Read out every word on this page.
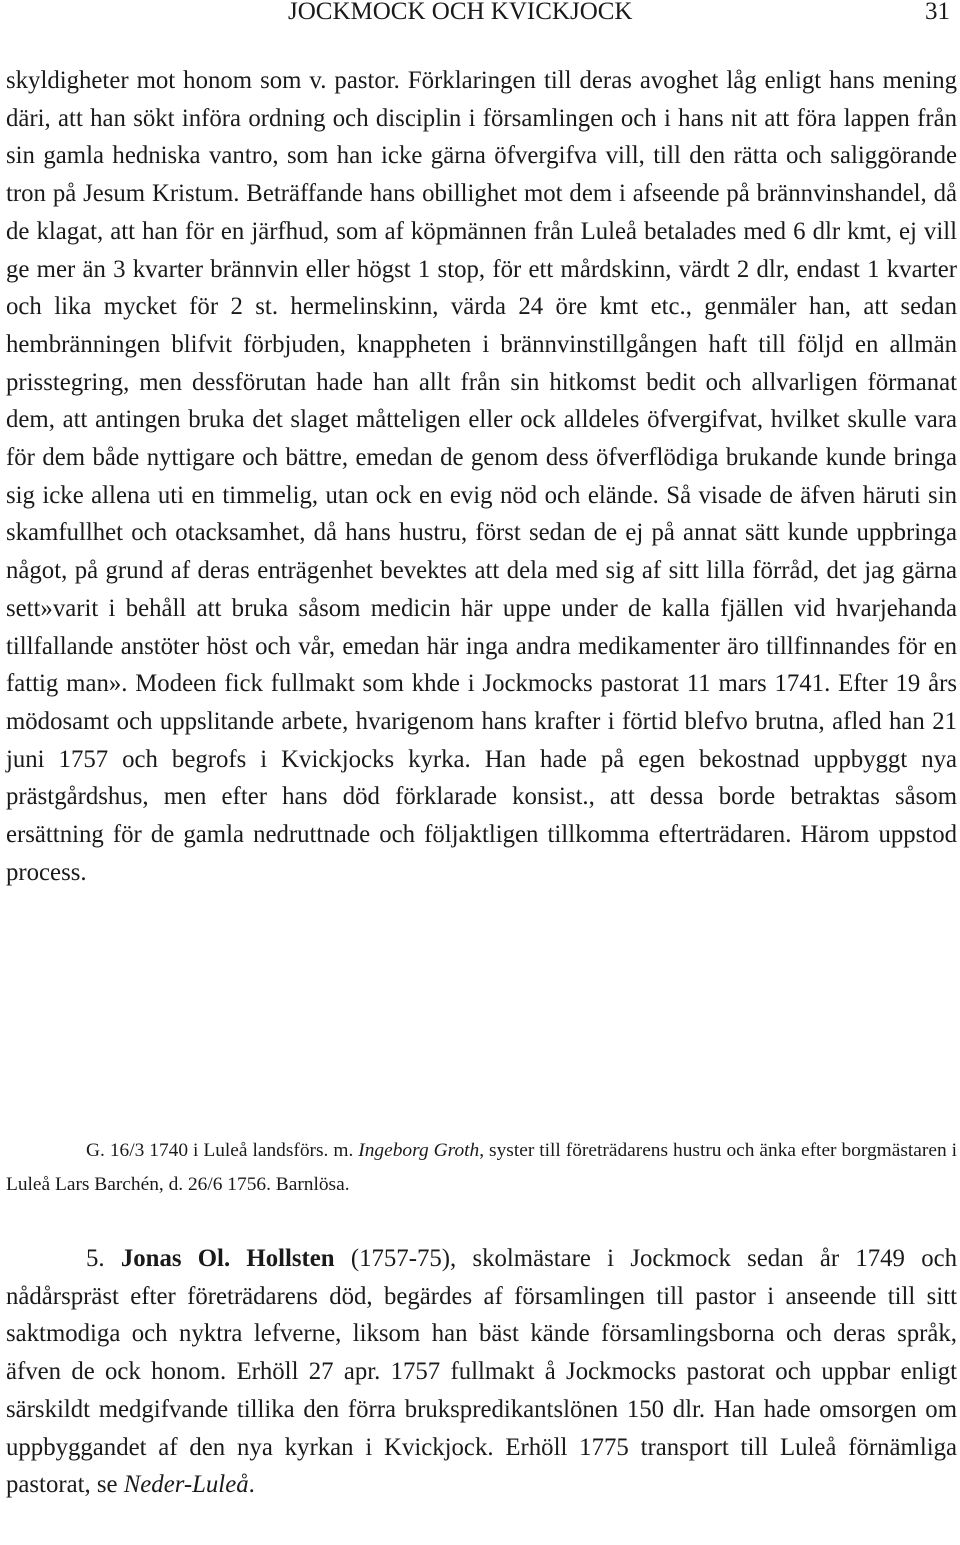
JOCKMOCK OCH KVICKJOCK	31

skyldigheter mot honom som v. pastor. Förklaringen till deras avoghet låg enligt hans mening däri, att han sökt införa ordning och disciplin i församlingen och i hans nit att föra lappen från sin gamla hedniska vantro, som han icke gärna öfvergifva vill, till den rätta och saliggörande tron på Jesum Kristum. Beträffande hans obillighet mot dem i afseende på brännvinshandel, då de klagat, att han för en järfhud, som af köpmännen från Luleå betalades med 6 dlr kmt, ej vill ge mer än 3 kvarter brännvin eller högst 1 stop, för ett mårdskinn, värdt 2 dlr, endast 1 kvarter och lika mycket för 2 st. hermelinskinn, värda 24 öre kmt etc., genmäler han, att sedan hembränningen blifvit förbjuden, knappheten i brännvinstillgången haft till följd en allmän prisstegring, men dessförutan hade han allt från sin hitkomst bedit och allvarligen förmanat dem, att antingen bruka det slaget måtteligen eller ock alldeles öfvergifvat, hvilket skulle vara för dem både nyttigare och bättre, emedan de genom dess öfverflödiga brukande kunde bringa sig icke allena uti en timmelig, utan ock en evig nöd och elände. Så visade de äfven häruti sin skamfullhet och otacksamhet, då hans hustru, först sedan de ej på annat sätt kunde uppbringa något, på grund af deras enträgenhet bevektes att dela med sig af sitt lilla förråd, det jag gärna sett»varit i behåll att bruka såsom medicin här uppe under de kalla fjällen vid hvarjehanda tillfallande anstöter höst och vår, emedan här inga andra medikamenter äro tillfinnandes för en fattig man». Modeen fick fullmakt som khde i Jockmocks pastorat 11 mars 1741. Efter 19 års mödosamt och uppslitande arbete, hvarigenom hans krafter i förtid blefvo brutna, afled han 21 juni 1757 och begrofs i Kvickjocks kyrka. Han hade på egen bekostnad uppbyggt nya prästgårdshus, men efter hans död förklarade konsist., att dessa borde betraktas såsom ersättning för de gamla nedruttnade och följaktligen tillkomma efterträdaren. Härom uppstod process.

G. 16/3 1740 i Luleå landsförs. m. Ingeborg Groth, syster till företrädarens hustru och änka efter borgmästaren i Luleå Lars Barchén, d. 26/6 1756. Barnlösa.

5. Jonas Ol. Hollsten (1757-75), skolmästare i Jockmock sedan år 1749 och nådårspräst efter företrädarens död, begärdes af församlingen till pastor i anseende till sitt saktmodiga och nyktra lefverne, liksom han bäst kände församlingsborna och deras språk, äfven de ock honom. Erhöll 27 apr. 1757 fullmakt å Jockmocks pastorat och uppbar enligt särskildt medgifvande tillika den förra brukspredikantslönen 150 dlr. Han hade omsorgen om uppbyggandet af den nya kyrkan i Kvickjock. Erhöll 1775 transport till Luleå förnämliga pastorat, se Neder-Luleå.
